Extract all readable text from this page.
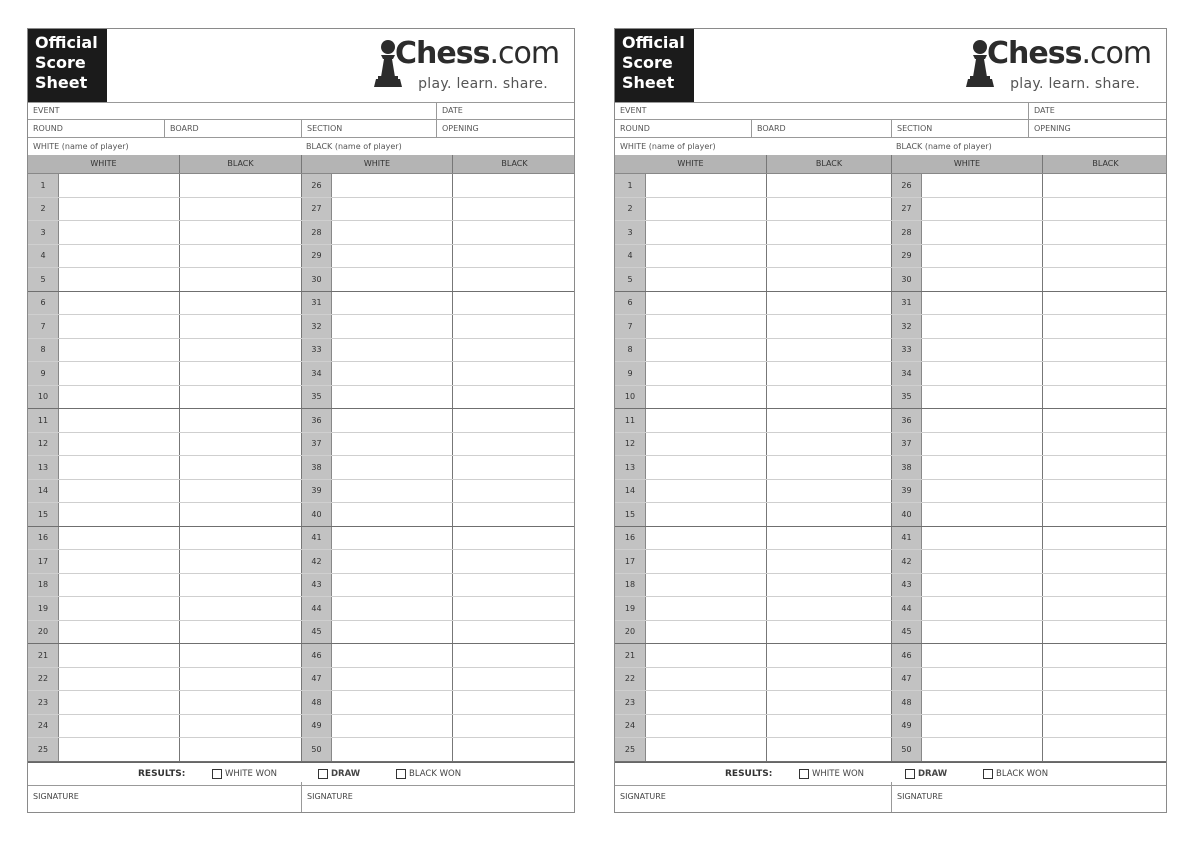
Official
Score
Sheet
Chess.com
play. learn. share.
EVENT	DATE
ROUND	BOARD	SECTION	OPENING
WHITE (name of player)	BLACK (name of player)
WHITE	BLACK	WHITE	BLACK
1	26
2	27
3	28
4	29
5	30
6	31
7	32
8	33
9	34
10	35
11	36
12	37
13	38
14	39
15	40
16	41
17	42
18	43
19	44
20	45
21	46
22	47
23	48
24	49
25	50
RESULTS:	WHITE WON	DRAW	BLACK WON
SIGNATURE	SIGNATURE
Official
Score
Sheet
Chess.com
play. learn. share.
EVENT	DATE
ROUND	BOARD	SECTION	OPENING
WHITE (name of player)	BLACK (name of player)
WHITE	BLACK	WHITE	BLACK
1	26
2	27
3	28
4	29
5	30
6	31
7	32
8	33
9	34
10	35
11	36
12	37
13	38
14	39
15	40
16	41
17	42
18	43
19	44
20	45
21	46
22	47
23	48
24	49
25	50
RESULTS:	WHITE WON	DRAW	BLACK WON
SIGNATURE	SIGNATURE
